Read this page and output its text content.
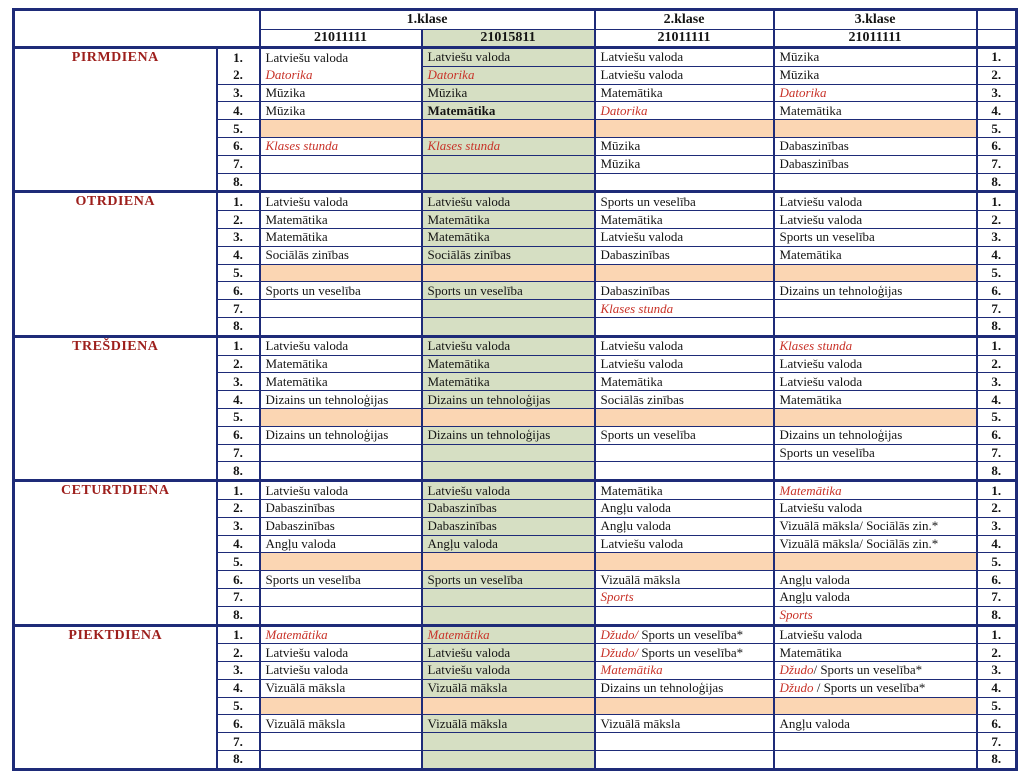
		1.klase		2.klase	3.klase	
		21011111	21015811	21011111	21011111	

PIRMDIENA	1.	Latviešu valoda	Latviešu valoda	Latviešu valoda	Mūzika	1.
	2.	Datorika	Datorika	Latviešu valoda	Mūzika	2.
	3.	Mūzika	Mūzika	Matemātika	Datorika	3.
	4.	Mūzika	Matemātika	Datorika	Matemātika	4.
	5.					5.
	6.	Klases stunda	Klases stunda	Mūzika	Dabaszinības	6.
	7.			Mūzika	Dabaszinības	7.
	8.					8.

OTRDIENA	1.	Latviešu valoda	Latviešu valoda	Sports un veselība	Latviešu valoda	1.
	2.	Matemātika	Matemātika	Matemātika	Latviešu valoda	2.
	3.	Matemātika	Matemātika	Latviešu valoda	Sports un veselība	3.
	4.	Sociālās zinības	Sociālās zinības	Dabaszinības	Matemātika	4.
	5.					5.
	6.	Sports un veselība	Sports un veselība	Dabaszinības	Dizains un tehnoloģijas	6.
	7.			Klases stunda		7.
	8.					8.

TREŠDIENA	1.	Latviešu valoda	Latviešu valoda	Latviešu valoda	Klases stunda	1.
	2.	Matemātika	Matemātika	Latviešu valoda	Latviešu valoda	2.
	3.	Matemātika	Matemātika	Matemātika	Latviešu valoda	3.
	4.	Dizains un tehnoloģijas	Dizains un tehnoloģijas	Sociālās zinības	Matemātika	4.
	5.					5.
	6.	Dizains un tehnoloģijas	Dizains un tehnoloģijas	Sports un veselība	Dizains un tehnoloģijas	6.
	7.				Sports un veselība	7.
	8.					8.

CETURTDIENA	1.	Latviešu valoda	Latviešu valoda	Matemātika	Matemātika	1.
	2.	Dabaszinības	Dabaszinības	Angļu valoda	Latviešu valoda	2.
	3.	Dabaszinības	Dabaszinības	Angļu valoda	Vizuālā māksla/ Sociālās zin.*	3.
	4.	Angļu valoda	Angļu valoda	Latviešu valoda	Vizuālā māksla/ Sociālās zin.*	4.
	5.					5.
	6.	Sports un veselība	Sports un veselība	Vizuālā māksla	Angļu valoda	6.
	7.			Sports	Angļu valoda	7.
	8.				Sports	8.

PIEKTDIENA	1.	Matemātika	Matemātika	Džudo/ Sports un veselība*	Latviešu valoda	1.
	2.	Latviešu valoda	Latviešu valoda	Džudo/ Sports un veselība*	Matemātika	2.
	3.	Latviešu valoda	Latviešu valoda	Matemātika	Džudo/ Sports un veselība*	3.
	4.	Vizuālā māksla	Vizuālā māksla	Dizains un tehnoloģijas	Džudo / Sports un veselība*	4.
	5.					5.
	6.	Vizuālā māksla	Vizuālā māksla	Vizuālā māksla	Angļu valoda	6.
	7.					7.
	8.					8.
